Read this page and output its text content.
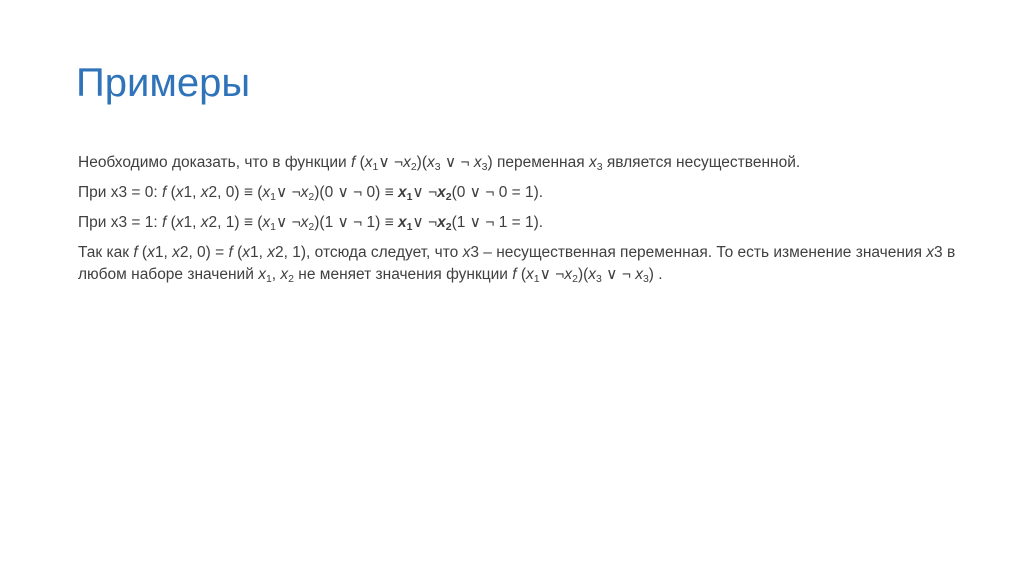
Примеры

Необходимо доказать, что в функции f ($x_1\vee$ $\neg x_2)(x_3$ ∨ ¬ $x_3$) переменная $x_3$ является несущественной.

При x3 = 0: f (x1, x2, $0) \equiv (x_1\vee$ $\neg x_2)(0$ ∨ ¬ $0) \equiv x_1\vee$ $\neg x_2(0$ ∨ ¬ 0 = 1).

При x3 = 1: f (x1, x2, $1) \equiv (x_1\vee$ $\neg x_2)(1$ ∨ ¬ $1) \equiv x_1\vee$ $\neg x_2(1$ ∨ ¬ 1 = 1).

Так как f (x1, x2, 0) = f (x1, x2, 1), отсюда следует, что x3 – несущественная переменная. То есть изменение значения x3 в любом наборе значений $x_1$, $x_2$ не меняет значения функции f ($x_1\vee$ $\neg x_2)(x_3$ ∨ ¬ $x_3$) .
